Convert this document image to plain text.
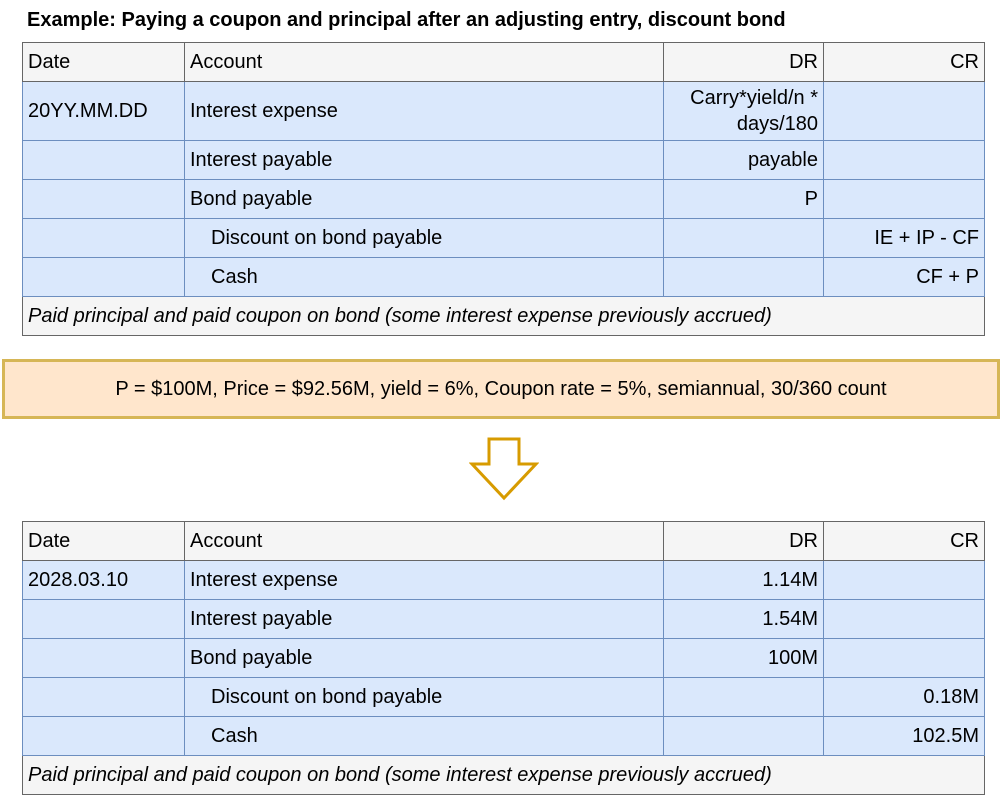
Example: Paying a coupon and principal after an adjusting entry, discount bond
Date	Account	DR	CR
20YY.MM.DD	Interest expense	Carry*yield/n * days/180	
	Interest payable	payable	
	Bond payable	P	
	Discount on bond payable		IE + IP - CF
	Cash		CF + P
Paid principal and paid coupon on bond (some interest expense previously accrued)			
P = $100M, Price = $92.56M, yield = 6%, Coupon rate = 5%, semiannual, 30/360 count
Date	Account	DR	CR
2028.03.10	Interest expense	1.14M	
	Interest payable	1.54M	
	Bond payable	100M	
	Discount on bond payable		0.18M
	Cash		102.5M
Paid principal and paid coupon on bond (some interest expense previously accrued)			
